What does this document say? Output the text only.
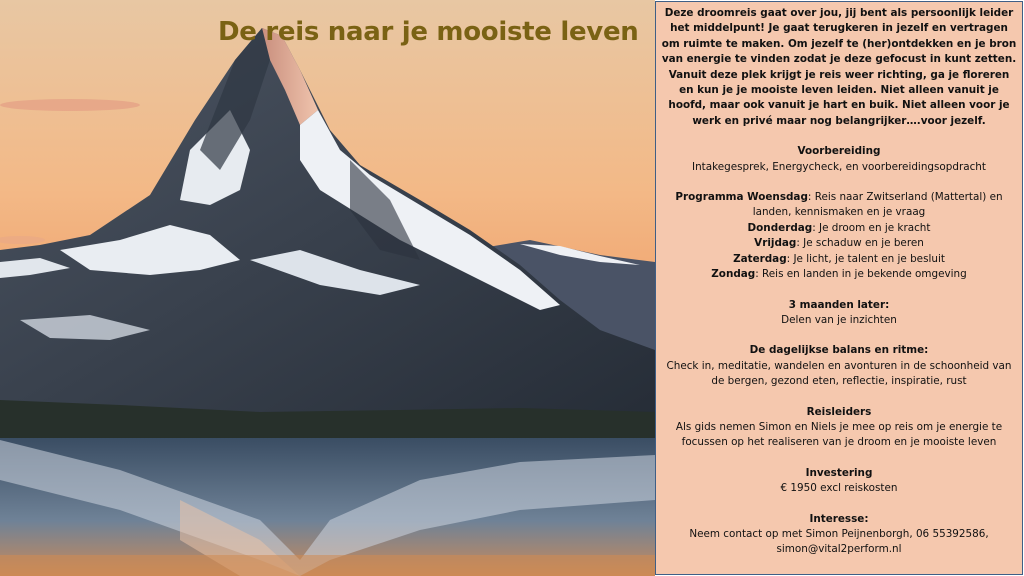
De reis naar je mooiste leven

Deze droomreis gaat over jou, jij bent als persoonlijk leider het middelpunt! Je gaat terugkeren in jezelf en vertragen om ruimte te maken. Om jezelf te (her)ontdekken en je bron van energie te vinden zodat je deze gefocust in kunt zetten. Vanuit deze plek krijgt je reis weer richting, ga je floreren en kun je je mooiste leven leiden. Niet alleen vanuit je hoofd, maar ook vanuit je hart en buik. Niet alleen voor je werk en privé maar nog belangrijker….voor jezelf.

Voorbereiding

Intakegesprek, Energycheck, en voorbereidingsopdracht

Programma Woensdag: Reis naar Zwitserland (Mattertal) en landen, kennismaken en je vraag

Donderdag: Je droom en je kracht

Vrijdag: Je schaduw en je beren

Zaterdag: Je licht, je talent en je besluit

Zondag: Reis en landen in je bekende omgeving

3 maanden later:

Delen van je inzichten

De dagelijkse balans en ritme:

Check in, meditatie, wandelen en avonturen in de schoonheid van de bergen, gezond eten, reflectie, inspiratie, rust

Reisleiders

Als gids nemen Simon en Niels je mee op reis om je energie te focussen op het realiseren van je droom en je mooiste leven

Investering

€ 1950 excl reiskosten

Interesse:

Neem contact op met Simon Peijnenborgh, 06 55392586,

simon@vital2perform.nl
